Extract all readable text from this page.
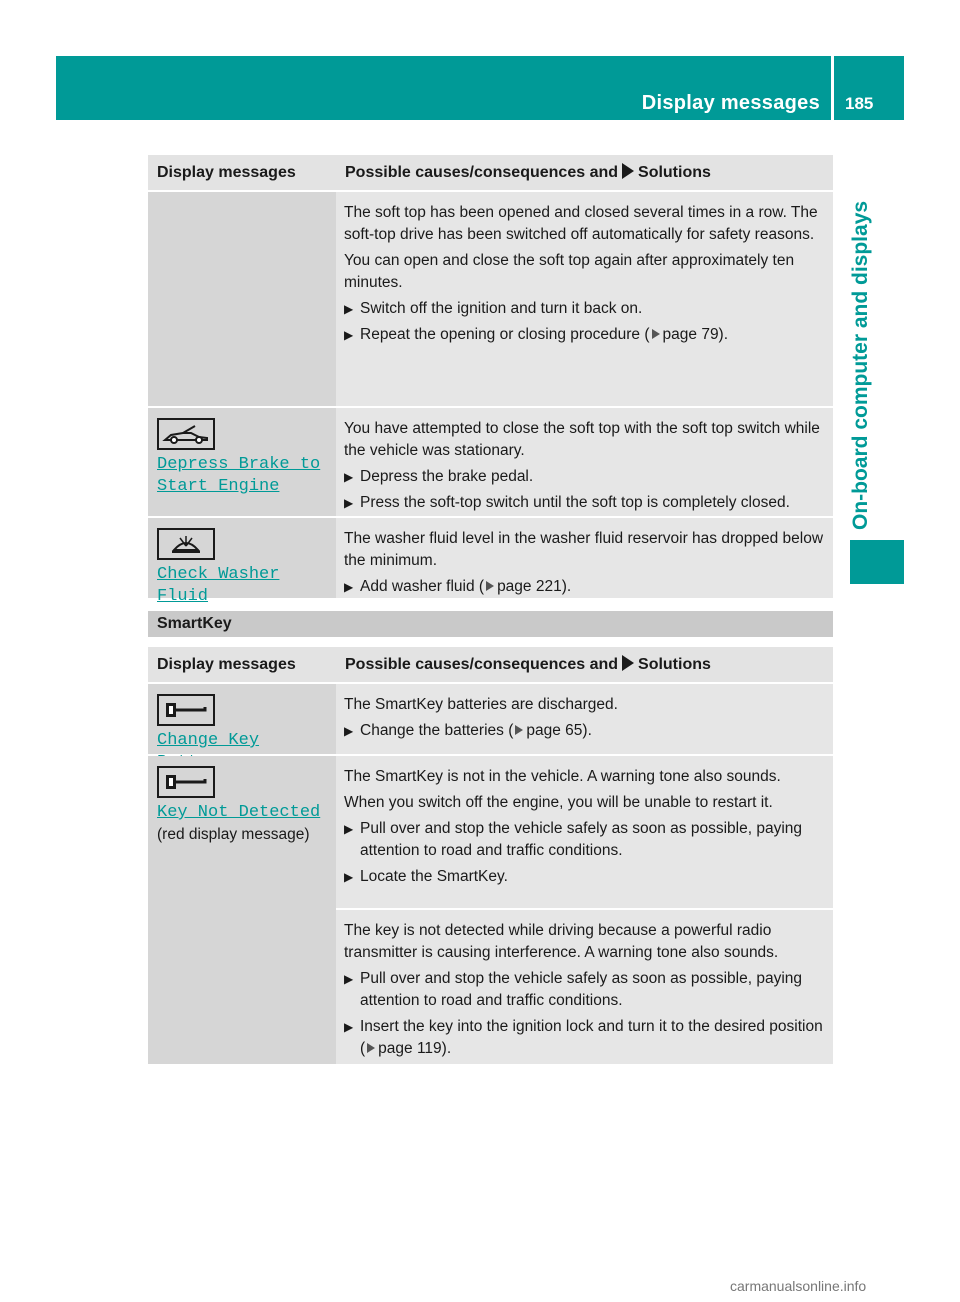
Display messages 185
On-board computer and displays
Display messages	Possible causes/consequences and Solutions

The soft top has been opened and closed several times in a row. The soft-top drive has been switched off automatically for safety reasons.

You can open and close the soft top again after approximately ten minutes.

▶ Switch off the ignition and turn it back on.
▶ Repeat the opening or closing procedure ( page 79).
Depress Brake to
Start Engine

You have attempted to close the soft top with the soft top switch while the vehicle was stationary.

▶ Depress the brake pedal.
▶ Press the soft-top switch until the soft top is completely closed.
Check Washer Fluid

The washer fluid level in the washer fluid reservoir has dropped below the minimum.

▶ Add washer fluid ( page 221).
SmartKey
Display messages	Possible causes/consequences and Solutions
Change Key

The SmartKey batteries are discharged.

▶ Change the batteries ( page 65).
Key Not Detected
(red display message)

The SmartKey is not in the vehicle. A warning tone also sounds.

When you switch off the engine, you will be unable to restart it.

▶ Pull over and stop the vehicle safely as soon as possible, paying attention to road and traffic conditions.
▶ Locate the SmartKey.

The key is not detected while driving because a powerful radio transmitter is causing interference. A warning tone also sounds.

▶ Pull over and stop the vehicle safely as soon as possible, paying attention to road and traffic conditions.
▶ Insert the key into the ignition lock and turn it to the desired position ( page 119).
carmanualsonline.info
